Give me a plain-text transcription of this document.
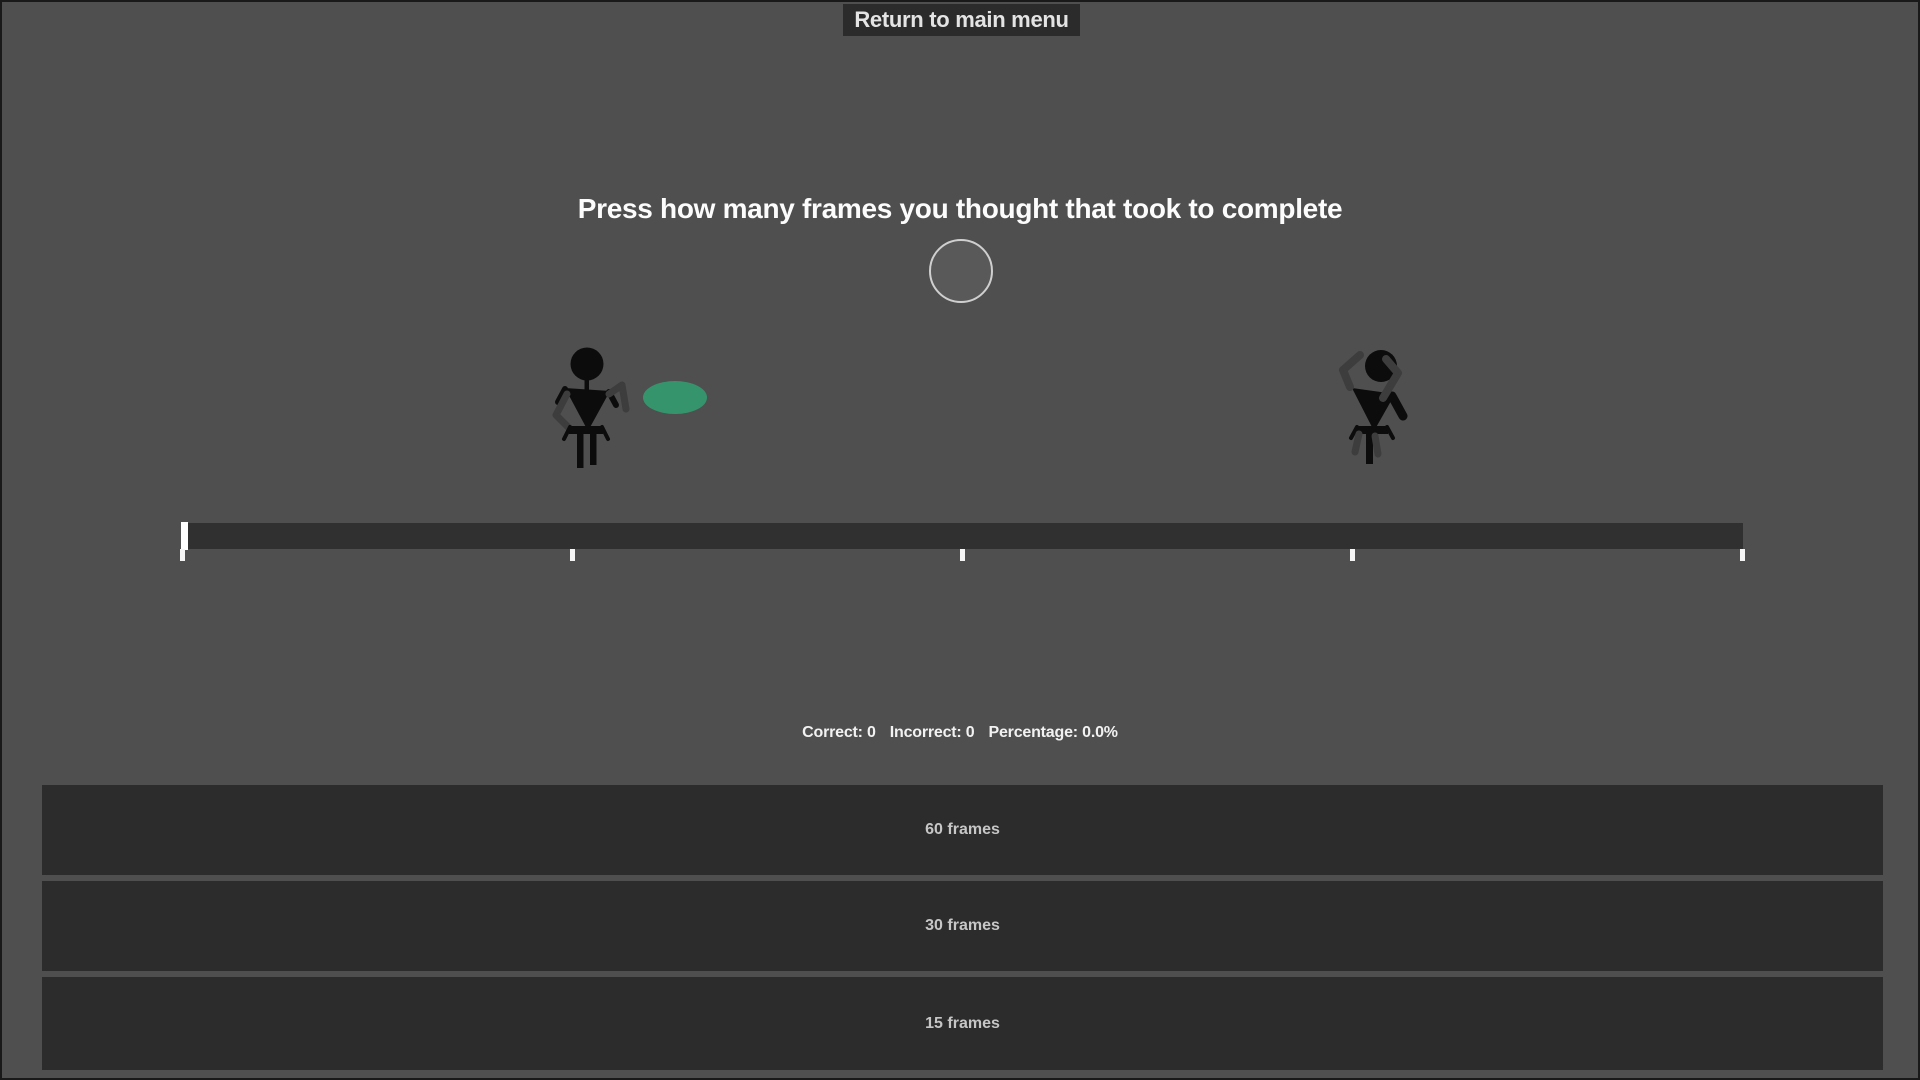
Return to main menu
Press how many frames you thought that took to complete
Correct: 0 Incorrect: 0 Percentage: 0.0%
60 frames
30 frames
15 frames
